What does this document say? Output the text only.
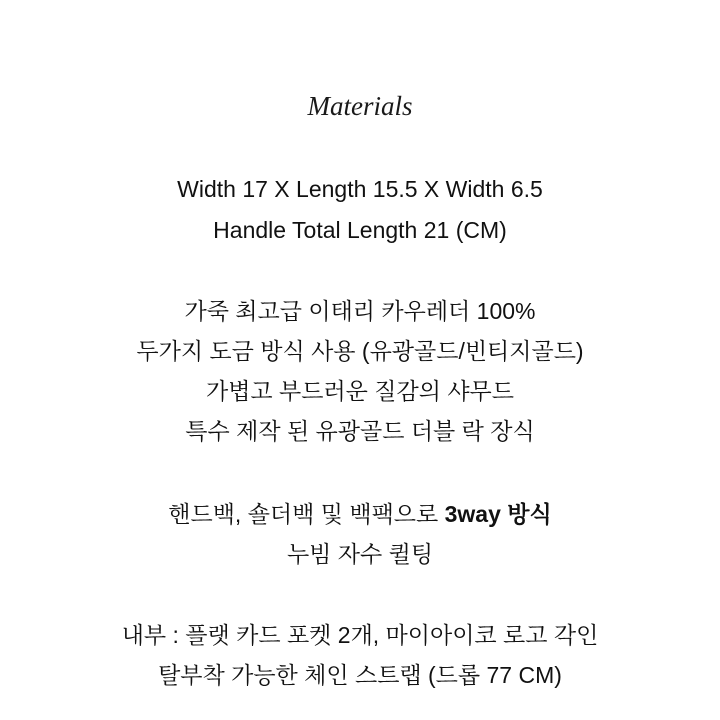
Materials
Width 17 X Length 15.5 X Width 6.5
Handle Total Length 21 (CM)
가죽 최고급 이태리 카우레더 100%
두가지 도금 방식 사용 (유광골드/빈티지골드)
가볍고 부드러운 질감의 샤무드
특수 제작 된 유광골드 더블 락 장식
핸드백, 숄더백 및 백팩으로 3way 방식
누빔 자수 퀼팅
내부 : 플랫 카드 포켓 2개, 마이아이코 로고 각인
탈부착 가능한 체인 스트랩 (드롭 77 CM)
